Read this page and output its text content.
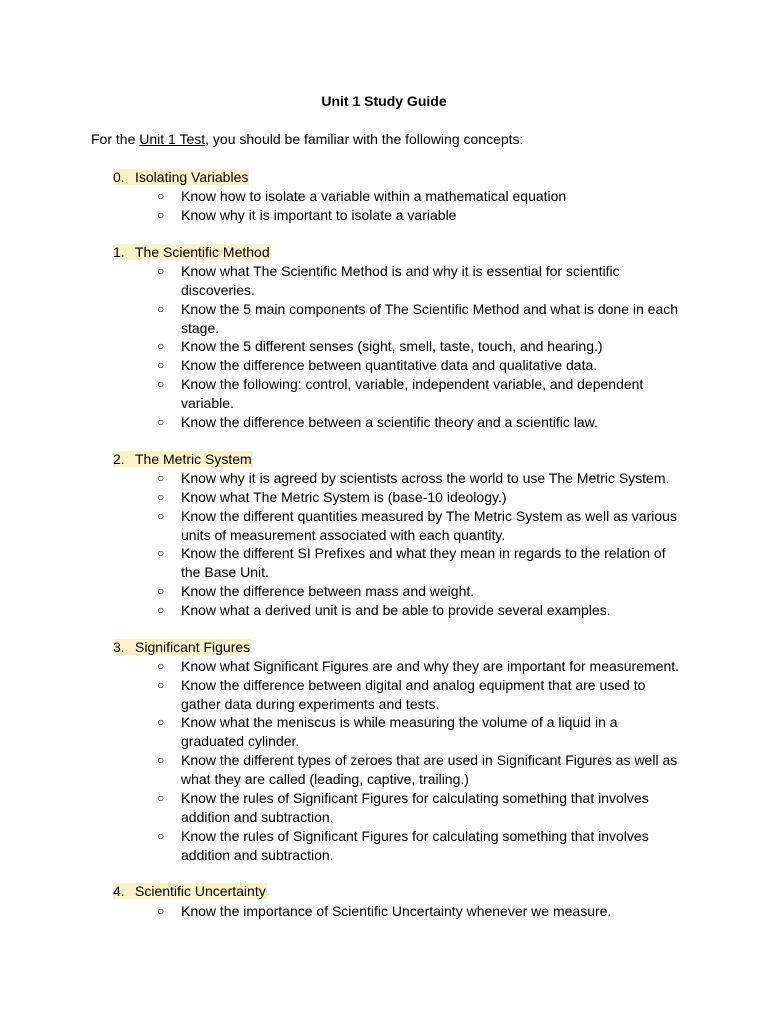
Unit 1 Study Guide
For the Unit 1 Test, you should be familiar with the following concepts:
0. Isolating Variables
○ Know how to isolate a variable within a mathematical equation
○ Know why it is important to isolate a variable
1. The Scientific Method
○ Know what The Scientific Method is and why it is essential for scientific discoveries.
○ Know the 5 main components of The Scientific Method and what is done in each stage.
○ Know the 5 different senses (sight, smell, taste, touch, and hearing.)
○ Know the difference between quantitative data and qualitative data.
○ Know the following: control, variable, independent variable, and dependent variable.
○ Know the difference between a scientific theory and a scientific law.
2. The Metric System
○ Know why it is agreed by scientists across the world to use The Metric System.
○ Know what The Metric System is (base-10 ideology.)
○ Know the different quantities measured by The Metric System as well as various units of measurement associated with each quantity.
○ Know the different SI Prefixes and what they mean in regards to the relation of the Base Unit.
○ Know the difference between mass and weight.
○ Know what a derived unit is and be able to provide several examples.
3. Significant Figures
○ Know what Significant Figures are and why they are important for measurement.
○ Know the difference between digital and analog equipment that are used to gather data during experiments and tests.
○ Know what the meniscus is while measuring the volume of a liquid in a graduated cylinder.
○ Know the different types of zeroes that are used in Significant Figures as well as what they are called (leading, captive, trailing.)
○ Know the rules of Significant Figures for calculating something that involves addition and subtraction.
○ Know the rules of Significant Figures for calculating something that involves addition and subtraction.
4. Scientific Uncertainty
○ Know the importance of Scientific Uncertainty whenever we measure.
